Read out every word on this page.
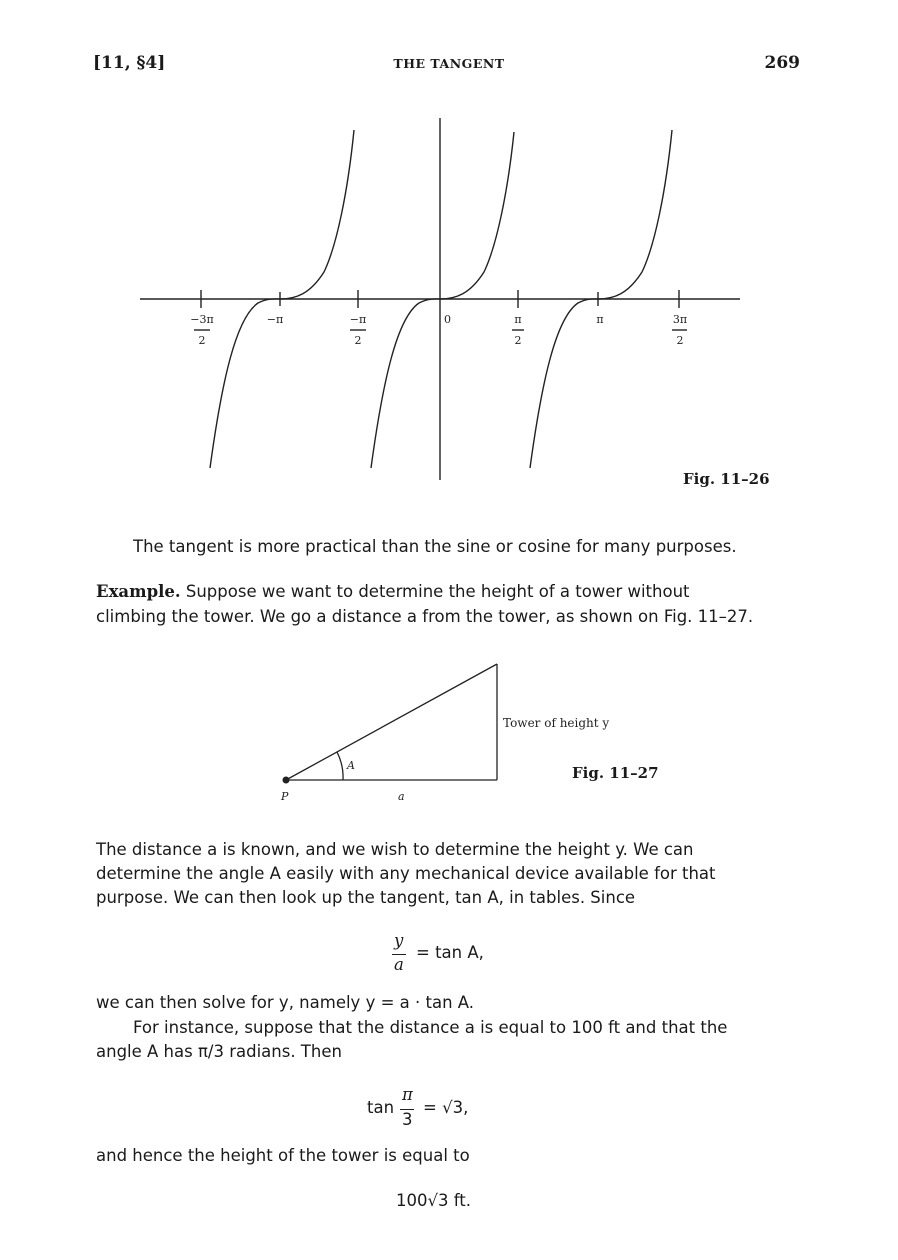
[11, §4]	THE TANGENT	269
−3π
2
−π	−π
2
0	π
2
π	3π
2
Fig. 11–26

The tangent is more practical than the sine or cosine for many purposes.

Example. Suppose we want to determine the height of a tower without

climbing the tower. We go a distance a from the tower, as shown on Fig. 11–27.

Tower of height y
A
P	a
Fig. 11–27

The distance a is known, and we wish to determine the height y. We can

determine the angle A easily with any mechanical device available for that

purpose. We can then look up the tangent, tan A, in tables. Since

y
a
= tan A,

we can then solve for y, namely y = a · tan A.

For instance, suppose that the distance a is equal to 100 ft and that the

angle A has π/3 radians. Then

tan
π
3
= √3,

and hence the height of the tower is equal to

100√3 ft.
